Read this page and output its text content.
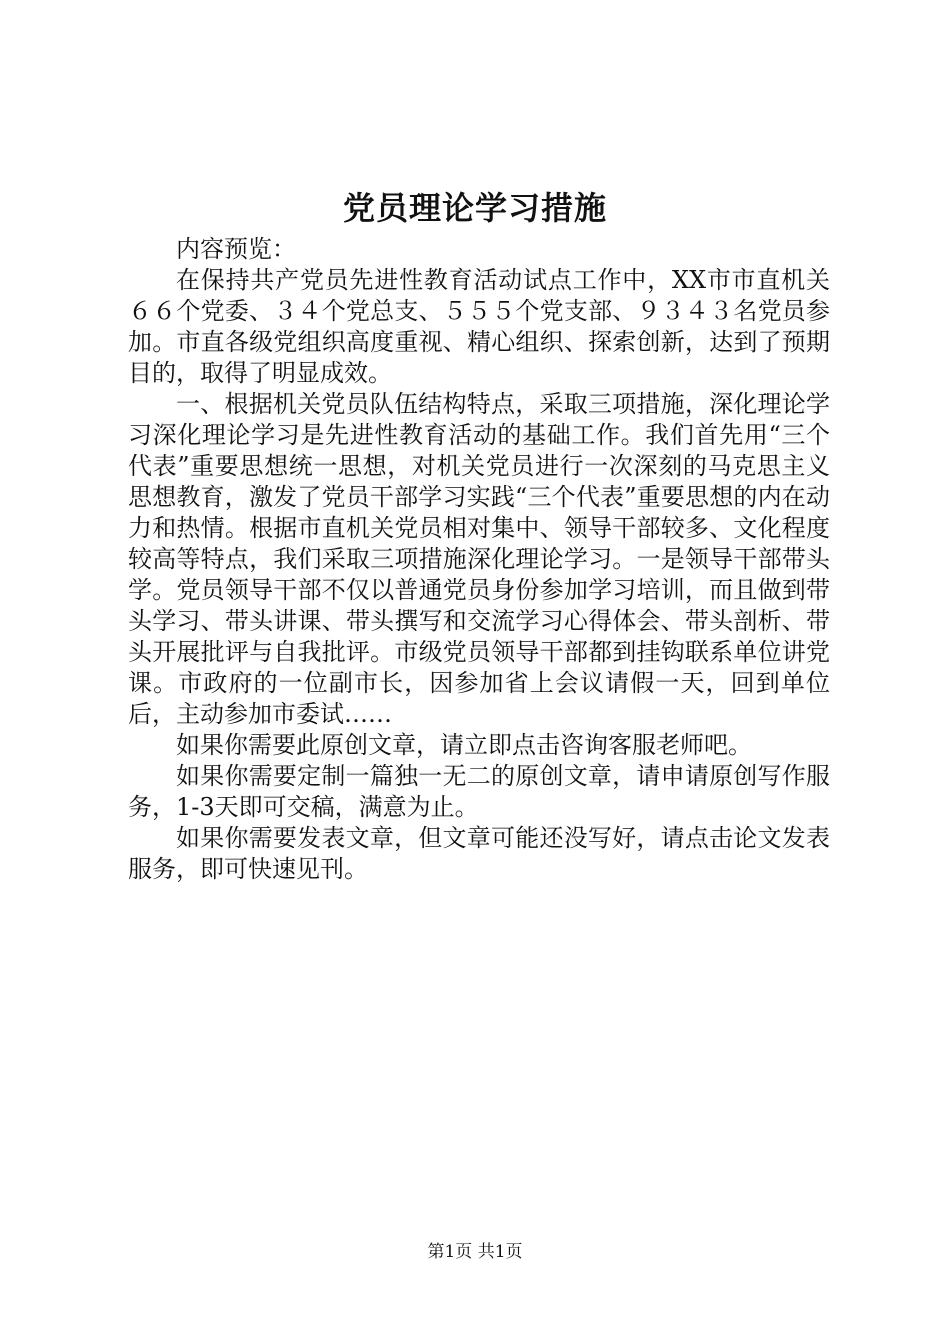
党员理论学习措施

内容预览：

在保持共产党员先进性教育活动试点工作中，XX市市直机关６６个党委、３４个党总支、５５５个党支部、９３４３名党员参加。市直各级党组织高度重视、精心组织、探索创新，达到了预期目的，取得了明显成效。

一、根据机关党员队伍结构特点，采取三项措施，深化理论学习深化理论学习是先进性教育活动的基础工作。我们首先用“三个代表”重要思想统一思想，对机关党员进行一次深刻的马克思主义思想教育，激发了党员干部学习实践“三个代表”重要思想的内在动力和热情。根据市直机关党员相对集中、领导干部较多、文化程度较高等特点，我们采取三项措施深化理论学习。一是领导干部带头学。党员领导干部不仅以普通党员身份参加学习培训，而且做到带头学习、带头讲课、带头撰写和交流学习心得体会、带头剖析、带头开展批评与自我批评。市级党员领导干部都到挂钩联系单位讲党课。市政府的一位副市长，因参加省上会议请假一天，回到单位后，主动参加市委试……

如果你需要此原创文章，请立即点击咨询客服老师吧。

如果你需要定制一篇独一无二的原创文章，请申请原创写作服务，1-3天即可交稿，满意为止。

如果你需要发表文章，但文章可能还没写好，请点击论文发表服务，即可快速见刊。

第1页 共1页
